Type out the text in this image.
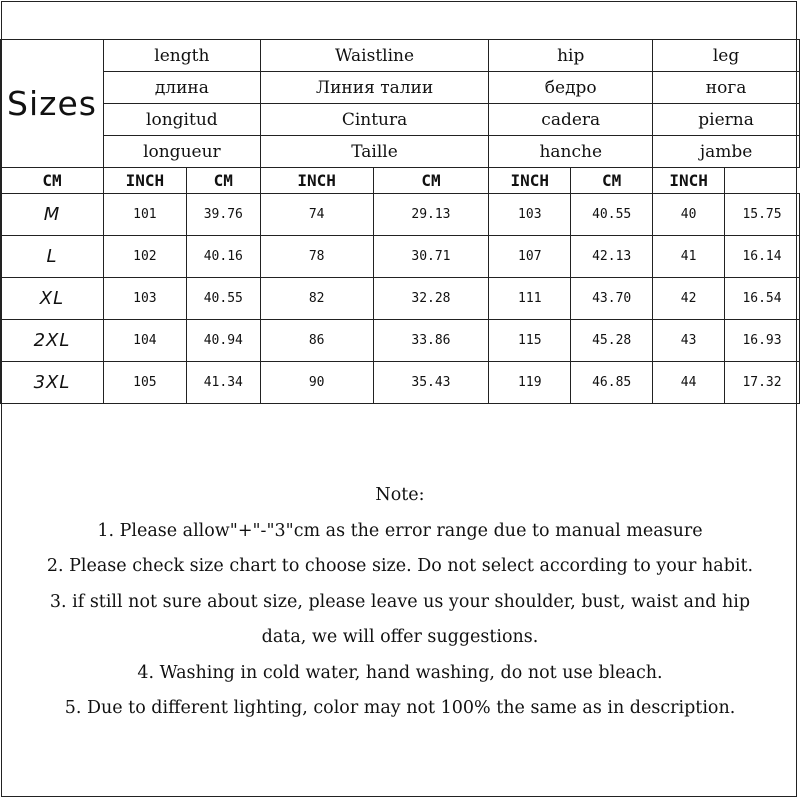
Sizes	length		Waistline		hip		leg	
	длина		Линия талии		бедро		нога	
	longitud		Cintura		cadera		pierna	
	longueur		Taille		hanche		jambe	
CM	INCH	CM	INCH	CM	INCH	CM	INCH	
M	101	39.76	74	29.13	103	40.55	40	15.75
L	102	40.16	78	30.71	107	42.13	41	16.14
XL	103	40.55	82	32.28	111	43.70	42	16.54
2XL	104	40.94	86	33.86	115	45.28	43	16.93
3XL	105	41.34	90	35.43	119	46.85	44	17.32
Note:
1. Please allow"+"-"3"cm as the error range due to manual measure
2. Please check size chart to choose size. Do not select according to your habit.
3. if still not sure about size, please leave us your shoulder, bust, waist and hip
data, we will offer suggestions.
4. Washing in cold water, hand washing, do not use bleach.
5. Due to different lighting, color may not 100% the same as in description.
